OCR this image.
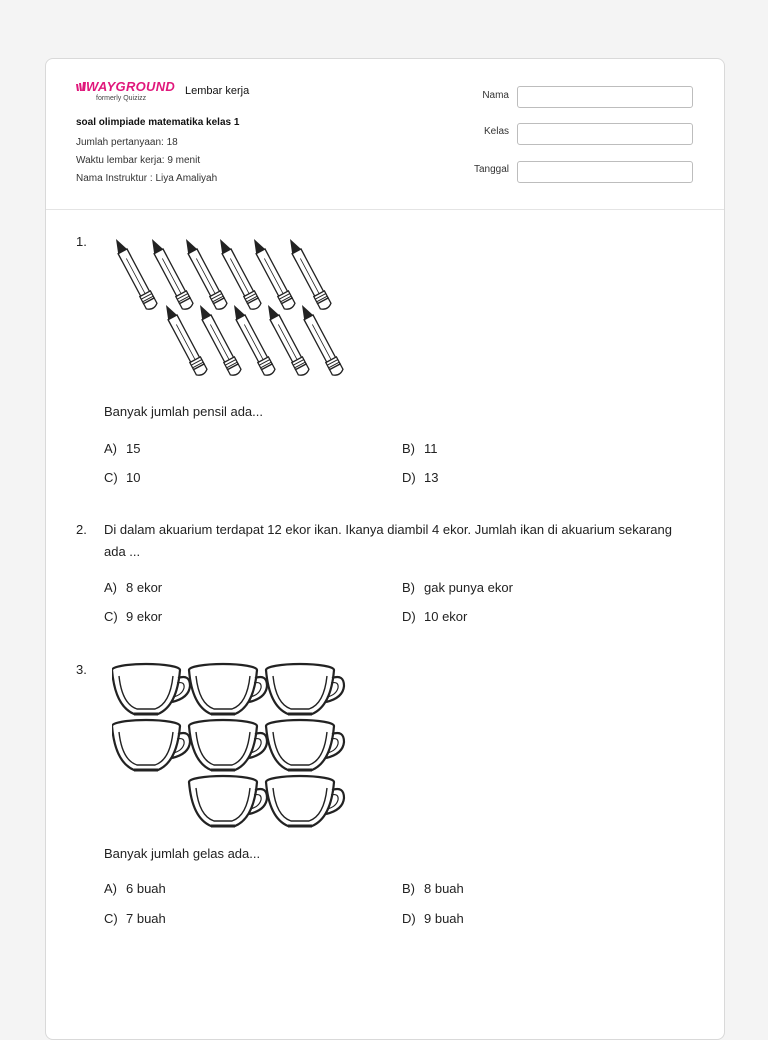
WAYGROUND
formerly Quizizz
Lembar kerja
soal olimpiade matematika kelas 1
Jumlah pertanyaan: 18
Waktu lembar kerja: 9 menit
Nama Instruktur : Liya Amaliyah
Nama
Kelas
Tanggal
1.
Banyak jumlah pensil ada...
A) 15	B) 11
C) 10	D) 13
2. Di dalam akuarium terdapat 12 ekor ikan. Ikanya diambil 4 ekor. Jumlah ikan di akuarium sekarang
ada ...
A) 8 ekor	B) gak punya ekor
C) 9 ekor	D) 10 ekor
3.
Banyak jumlah gelas ada...
A) 6 buah	B) 8 buah
C) 7 buah	D) 9 buah
